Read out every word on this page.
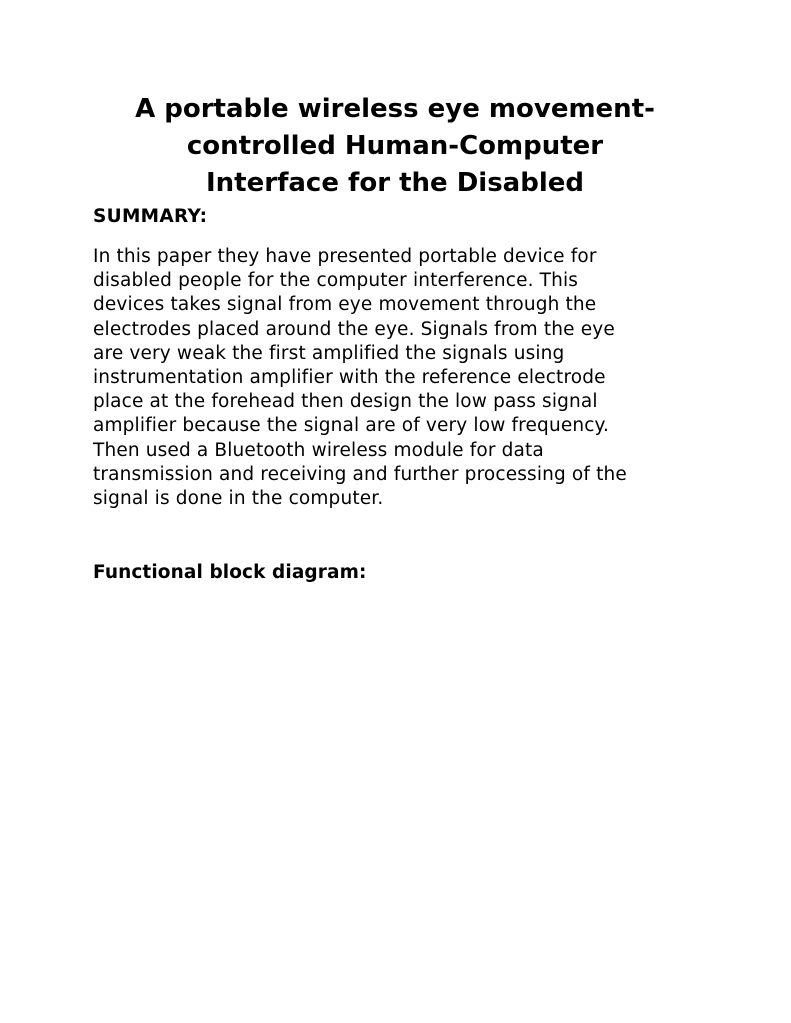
A portable wireless eye movement-
controlled Human-Computer
Interface for the Disabled
SUMMARY:

In this paper they have presented portable device for
disabled people for the computer interference. This
devices takes signal from eye movement through the
electrodes placed around the eye. Signals from the eye
are very weak the first amplified the signals using
instrumentation amplifier with the reference electrode
place at the forehead then design the low pass signal
amplifier because the signal are of very low frequency.
Then used a Bluetooth wireless module for data
transmission and receiving and further processing of the
signal is done in the computer.

Functional block diagram:
